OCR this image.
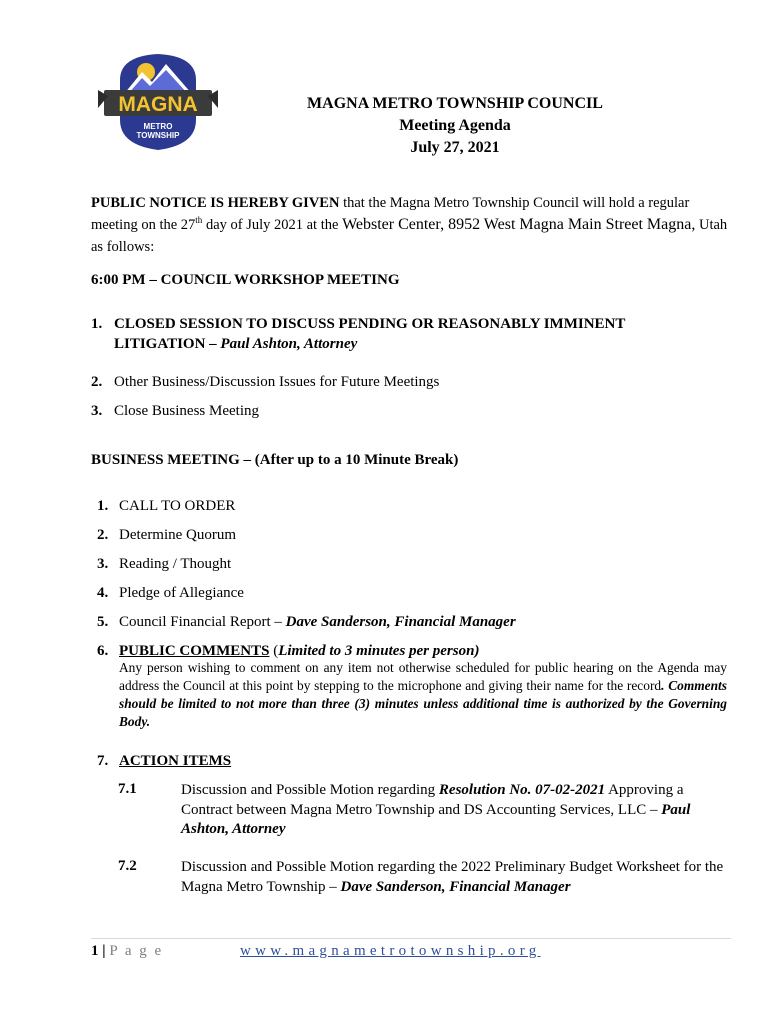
MAGNA
METRO
TOWNSHIP
MAGNA METRO TOWNSHIP COUNCIL
Meeting Agenda
July 27, 2021
PUBLIC NOTICE IS HEREBY GIVEN that the Magna Metro Township Council will hold a regular meeting on the 27th day of July 2021 at the Webster Center, 8952 West Magna Main Street Magna, Utah as follows:
6:00 PM – COUNCIL WORKSHOP MEETING
1. CLOSED SESSION TO DISCUSS PENDING OR REASONABLY IMMINENT
LITIGATION – Paul Ashton, Attorney
2. Other Business/Discussion Issues for Future Meetings
3. Close Business Meeting
BUSINESS MEETING – (After up to a 10 Minute Break)
1. CALL TO ORDER
2. Determine Quorum
3. Reading / Thought
4. Pledge of Allegiance
5. Council Financial Report – Dave Sanderson, Financial Manager
6. PUBLIC COMMENTS (Limited to 3 minutes per person)
Any person wishing to comment on any item not otherwise scheduled for public hearing on the Agenda may address the Council at this point by stepping to the microphone and giving their name for the record. Comments should be limited to not more than three (3) minutes unless additional time is authorized by the Governing Body.
7. ACTION ITEMS
7.1	Discussion and Possible Motion regarding Resolution No. 07-02-2021 Approving a Contract between Magna Metro Township and DS Accounting Services, LLC – Paul Ashton, Attorney
7.2	Discussion and Possible Motion regarding the 2022 Preliminary Budget Worksheet for the Magna Metro Township – Dave Sanderson, Financial Manager
1 | P a g e	www.magnametrotownship.org
